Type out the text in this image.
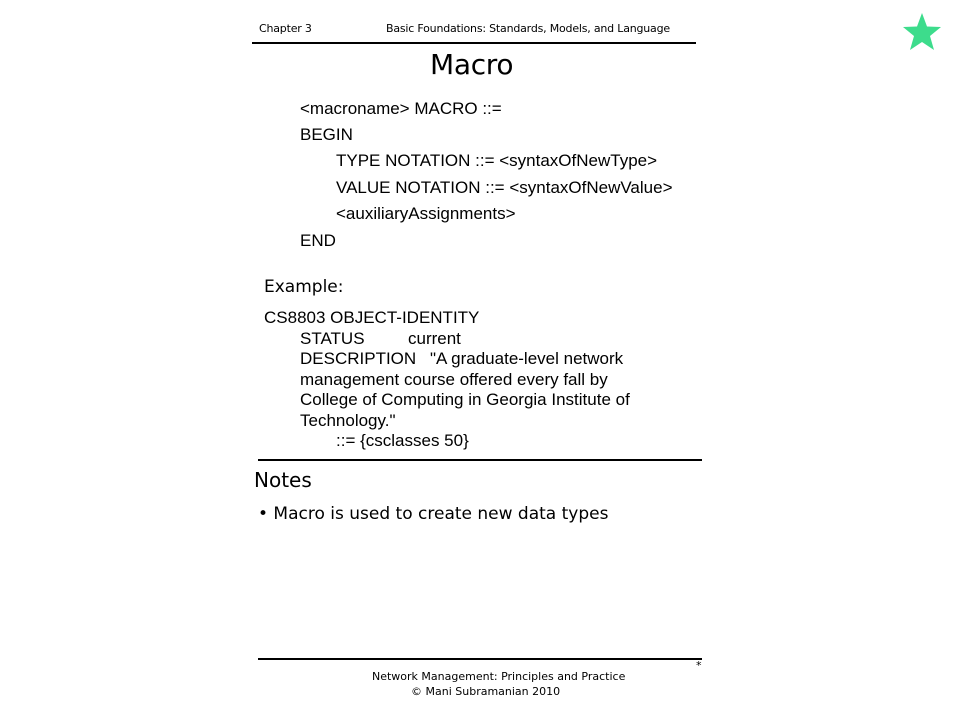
Chapter 3	Basic Foundations: Standards, Models, and Language
Macro
<macroname> MACRO ::=
BEGIN
TYPE NOTATION ::= <syntaxOfNewType>
VALUE NOTATION ::= <syntaxOfNewValue>
<auxiliaryAssignments>
END
Example:
CS8803 OBJECT-IDENTITY
STATUS	current
DESCRIPTION "A graduate-level network
management course offered every fall by
College of Computing in Georgia Institute of
Technology."
::= {csclasses 50}
Notes
• Macro is used to create new data types
*
Network Management: Principles and Practice
© Mani Subramanian 2010
